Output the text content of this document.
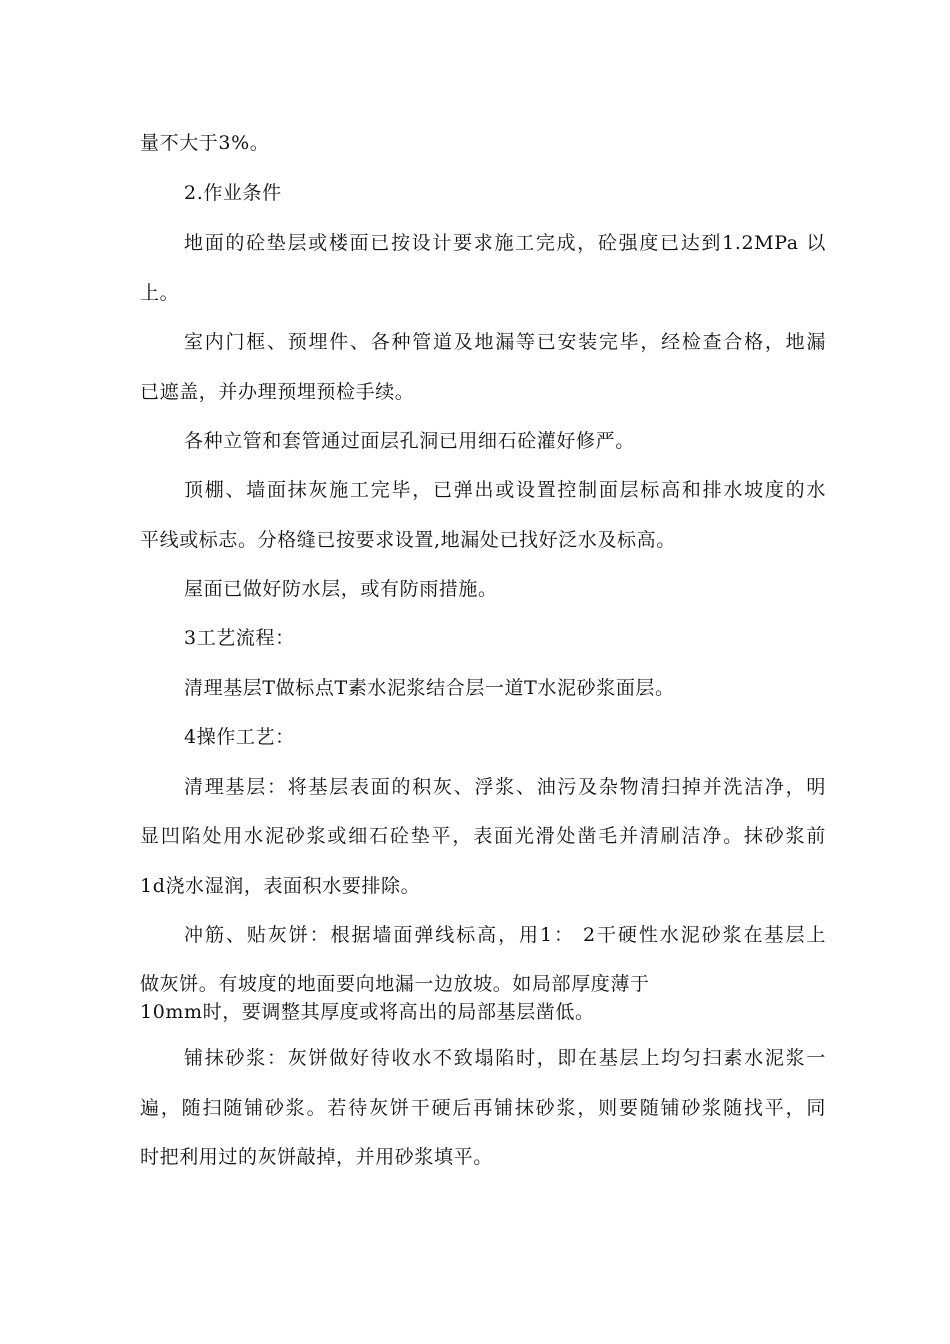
量不大于3%。
2.作业条件
地面的砼垫层或楼面已按设计要求施工完成，砼强度已达到1.2MPa 以
上。
室内门框、预埋件、各种管道及地漏等已安装完毕，经检查合格，地漏
已遮盖，并办理预埋预检手续。
各种立管和套管通过面层孔洞已用细石砼灌好修严。
顶棚、墙面抹灰施工完毕，已弹出或设置控制面层标高和排水坡度的水
平线或标志。分格缝已按要求设置,地漏处已找好泛水及标高。
屋面已做好防水层，或有防雨措施。
3工艺流程：
清理基层T做标点T素水泥浆结合层一道T水泥砂浆面层。
4操作工艺：
清理基层：将基层表面的积灰、浮浆、油污及杂物清扫掉并洗洁净，明
显凹陷处用水泥砂浆或细石砼垫平，表面光滑处凿毛并清刷洁净。抹砂浆前
1d浇水湿润，表面积水要排除。
冲筋、贴灰饼：根据墙面弹线标高，用1： 2干硬性水泥砂浆在基层上
做灰饼。有坡度的地面要向地漏一边放坡。如局部厚度薄于
10mm时，要调整其厚度或将高出的局部基层凿低。
铺抹砂浆：灰饼做好待收水不致塌陷时，即在基层上均匀扫素水泥浆一
遍，随扫随铺砂浆。若待灰饼干硬后再铺抹砂浆，则要随铺砂浆随找平，同
时把利用过的灰饼敲掉，并用砂浆填平。
